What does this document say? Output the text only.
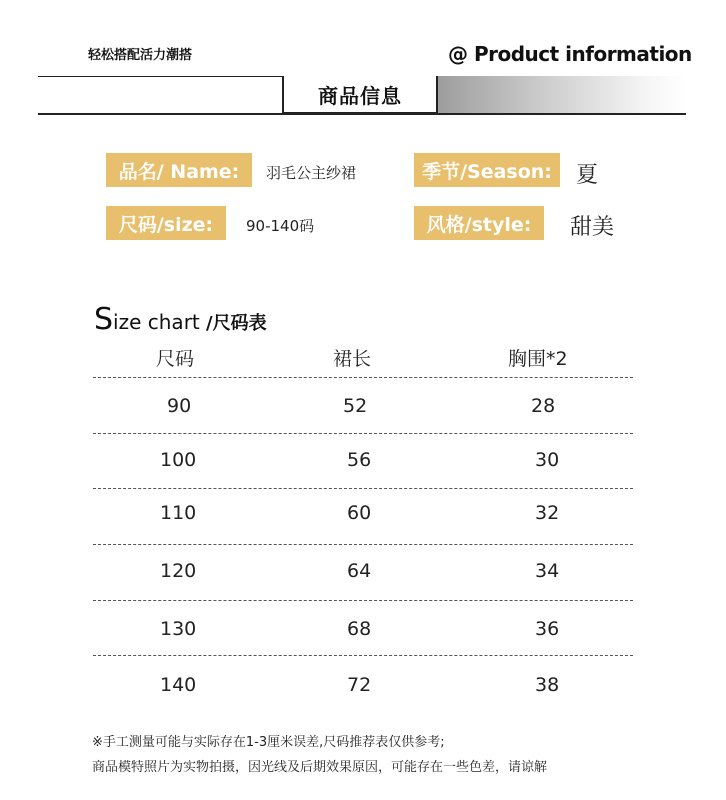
轻松搭配活力潮搭	@ Product information
商品信息
品名/ Name:	羽毛公主纱裙
尺码/size:	90-140码
季节/Season:	夏
风格/style:	甜美
Size chart /尺码表
尺码	裙长	胸围*2
90	52	28
100	56	30
110	60	32
120	64	34
130	68	36
140	72	38
※手工测量可能与实际存在1-3厘米误差,尺码推荐表仅供参考;
商品模特照片为实物拍摄，因光线及后期效果原因，可能存在一些色差，请谅解
